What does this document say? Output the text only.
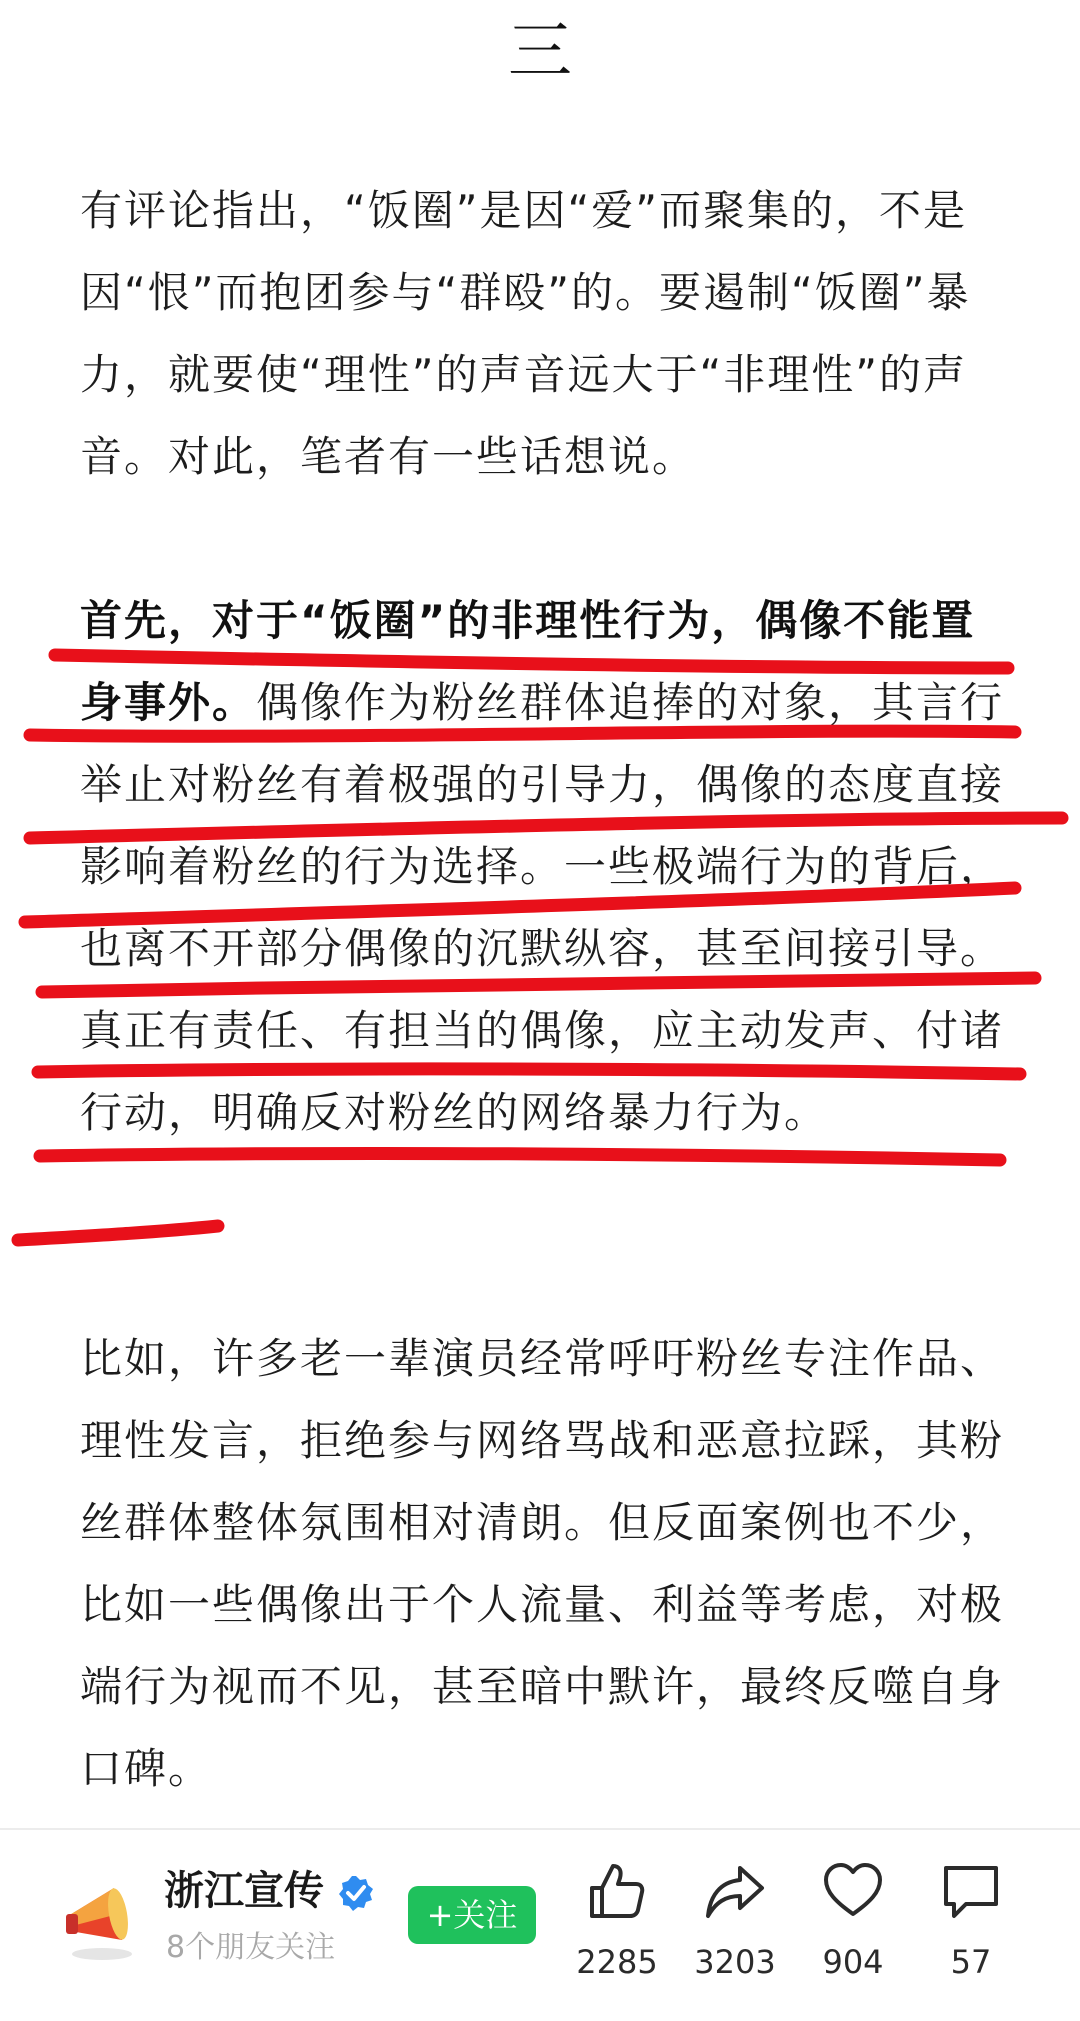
三

有评论指出，“饭圈”是因“爱”而聚集的，不是因“恨”而抱团参与“群殴”的。要遏制“饭圈”暴力，就要使“理性”的声音远大于“非理性”的声音。对此，笔者有一些话想说。

首先，对于“饭圈”的非理性行为，偶像不能置身事外。偶像作为粉丝群体追捧的对象，其言行举止对粉丝有着极强的引导力，偶像的态度直接影响着粉丝的行为选择。一些极端行为的背后，也离不开部分偶像的沉默纵容，甚至间接引导。真正有责任、有担当的偶像，应主动发声、付诸行动，明确反对粉丝的网络暴力行为。

比如，许多老一辈演员经常呼吁粉丝专注作品、理性发言，拒绝参与网络骂战和恶意拉踩，其粉丝群体整体氛围相对清朗。但反面案例也不少，比如一些偶像出于个人流量、利益等考虑，对极端行为视而不见，甚至暗中默许，最终反噬自身口碑。

浙江宣传
8个朋友关注
+关注
2285	3203	904	57
